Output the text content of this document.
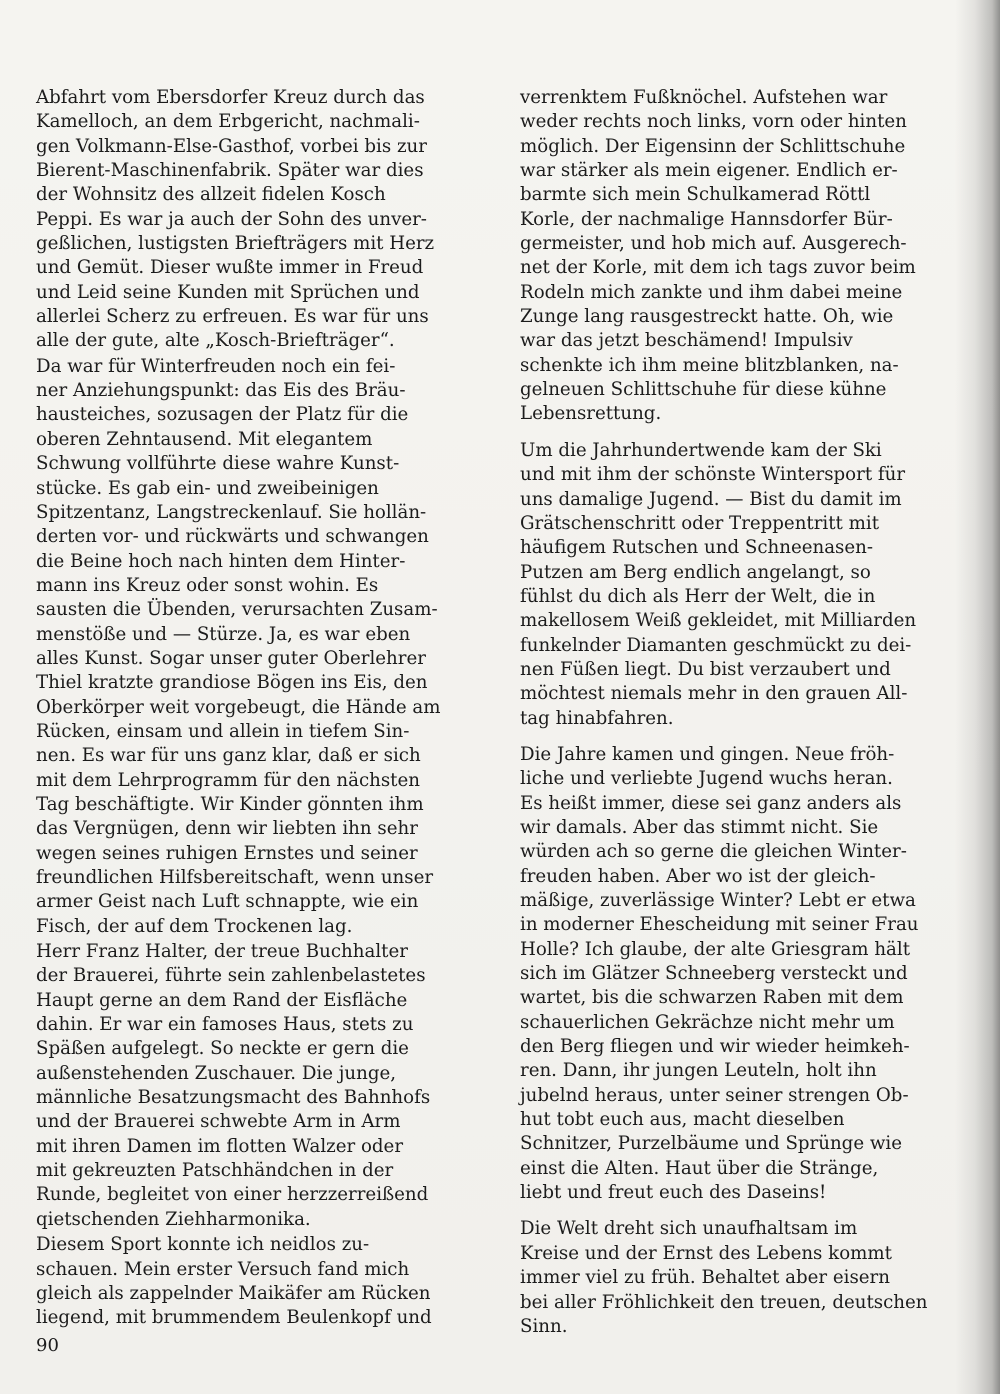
Abfahrt vom Ebersdorfer Kreuz durch das
Kamelloch, an dem Erbgericht, nachmali-
gen Volkmann-Else-Gasthof, vorbei bis zur
Bierent-Maschinenfabrik. Später war dies
der Wohnsitz des allzeit fidelen Kosch
Peppi. Es war ja auch der Sohn des unver-
geßlichen, lustigsten Briefträgers mit Herz
und Gemüt. Dieser wußte immer in Freud
und Leid seine Kunden mit Sprüchen und
allerlei Scherz zu erfreuen. Es war für uns
alle der gute, alte „Kosch-Briefträger“.

Da war für Winterfreuden noch ein fei-
ner Anziehungspunkt: das Eis des Bräu-
hausteiches, sozusagen der Platz für die
oberen Zehntausend. Mit elegantem
Schwung vollführte diese wahre Kunst-
stücke. Es gab ein- und zweibeinigen
Spitzentanz, Langstreckenlauf. Sie hollän-
derten vor- und rückwärts und schwangen
die Beine hoch nach hinten dem Hinter-
mann ins Kreuz oder sonst wohin. Es
sausten die Übenden, verursachten Zusam-
menstöße und — Stürze. Ja, es war eben
alles Kunst. Sogar unser guter Oberlehrer
Thiel kratzte grandiose Bögen ins Eis, den
Oberkörper weit vorgebeugt, die Hände am
Rücken, einsam und allein in tiefem Sin-
nen. Es war für uns ganz klar, daß er sich
mit dem Lehrprogramm für den nächsten
Tag beschäftigte. Wir Kinder gönnten ihm
das Vergnügen, denn wir liebten ihn sehr
wegen seines ruhigen Ernstes und seiner
freundlichen Hilfsbereitschaft, wenn unser
armer Geist nach Luft schnappte, wie ein
Fisch, der auf dem Trockenen lag.

Herr Franz Halter, der treue Buchhalter
der Brauerei, führte sein zahlenbelastetes
Haupt gerne an dem Rand der Eisfläche
dahin. Er war ein famoses Haus, stets zu
Späßen aufgelegt. So neckte er gern die
außenstehenden Zuschauer. Die junge,
männliche Besatzungsmacht des Bahnhofs
und der Brauerei schwebte Arm in Arm
mit ihren Damen im flotten Walzer oder
mit gekreuzten Patschhändchen in der
Runde, begleitet von einer herzzerreißend
qietschenden Ziehharmonika.

Diesem Sport konnte ich neidlos zu-
schauen. Mein erster Versuch fand mich
gleich als zappelnder Maikäfer am Rücken
liegend, mit brummendem Beulenkopf und

verrenktem Fußknöchel. Aufstehen war
weder rechts noch links, vorn oder hinten
möglich. Der Eigensinn der Schlittschuhe
war stärker als mein eigener. Endlich er-
barmte sich mein Schulkamerad Röttl
Korle, der nachmalige Hannsdorfer Bür-
germeister, und hob mich auf. Ausgerech-
net der Korle, mit dem ich tags zuvor beim
Rodeln mich zankte und ihm dabei meine
Zunge lang rausgestreckt hatte. Oh, wie
war das jetzt beschämend! Impulsiv
schenkte ich ihm meine blitzblanken, na-
gelneuen Schlittschuhe für diese kühne
Lebensrettung.

Um die Jahrhundertwende kam der Ski
und mit ihm der schönste Wintersport für
uns damalige Jugend. — Bist du damit im
Grätschenschritt oder Treppentritt mit
häufigem Rutschen und Schneenasen-
Putzen am Berg endlich angelangt, so
fühlst du dich als Herr der Welt, die in
makellosem Weiß gekleidet, mit Milliarden
funkelnder Diamanten geschmückt zu dei-
nen Füßen liegt. Du bist verzaubert und
möchtest niemals mehr in den grauen All-
tag hinabfahren.

Die Jahre kamen und gingen. Neue fröh-
liche und verliebte Jugend wuchs heran.
Es heißt immer, diese sei ganz anders als
wir damals. Aber das stimmt nicht. Sie
würden ach so gerne die gleichen Winter-
freuden haben. Aber wo ist der gleich-
mäßige, zuverlässige Winter? Lebt er etwa
in moderner Ehescheidung mit seiner Frau
Holle? Ich glaube, der alte Griesgram hält
sich im Glätzer Schneeberg versteckt und
wartet, bis die schwarzen Raben mit dem
schauerlichen Gekrächze nicht mehr um
den Berg fliegen und wir wieder heimkeh-
ren. Dann, ihr jungen Leuteln, holt ihn
jubelnd heraus, unter seiner strengen Ob-
hut tobt euch aus, macht dieselben
Schnitzer, Purzelbäume und Sprünge wie
einst die Alten. Haut über die Stränge,
liebt und freut euch des Daseins!

Die Welt dreht sich unaufhaltsam im
Kreise und der Ernst des Lebens kommt
immer viel zu früh. Behaltet aber eisern
bei aller Fröhlichkeit den treuen, deutschen
Sinn.

90
